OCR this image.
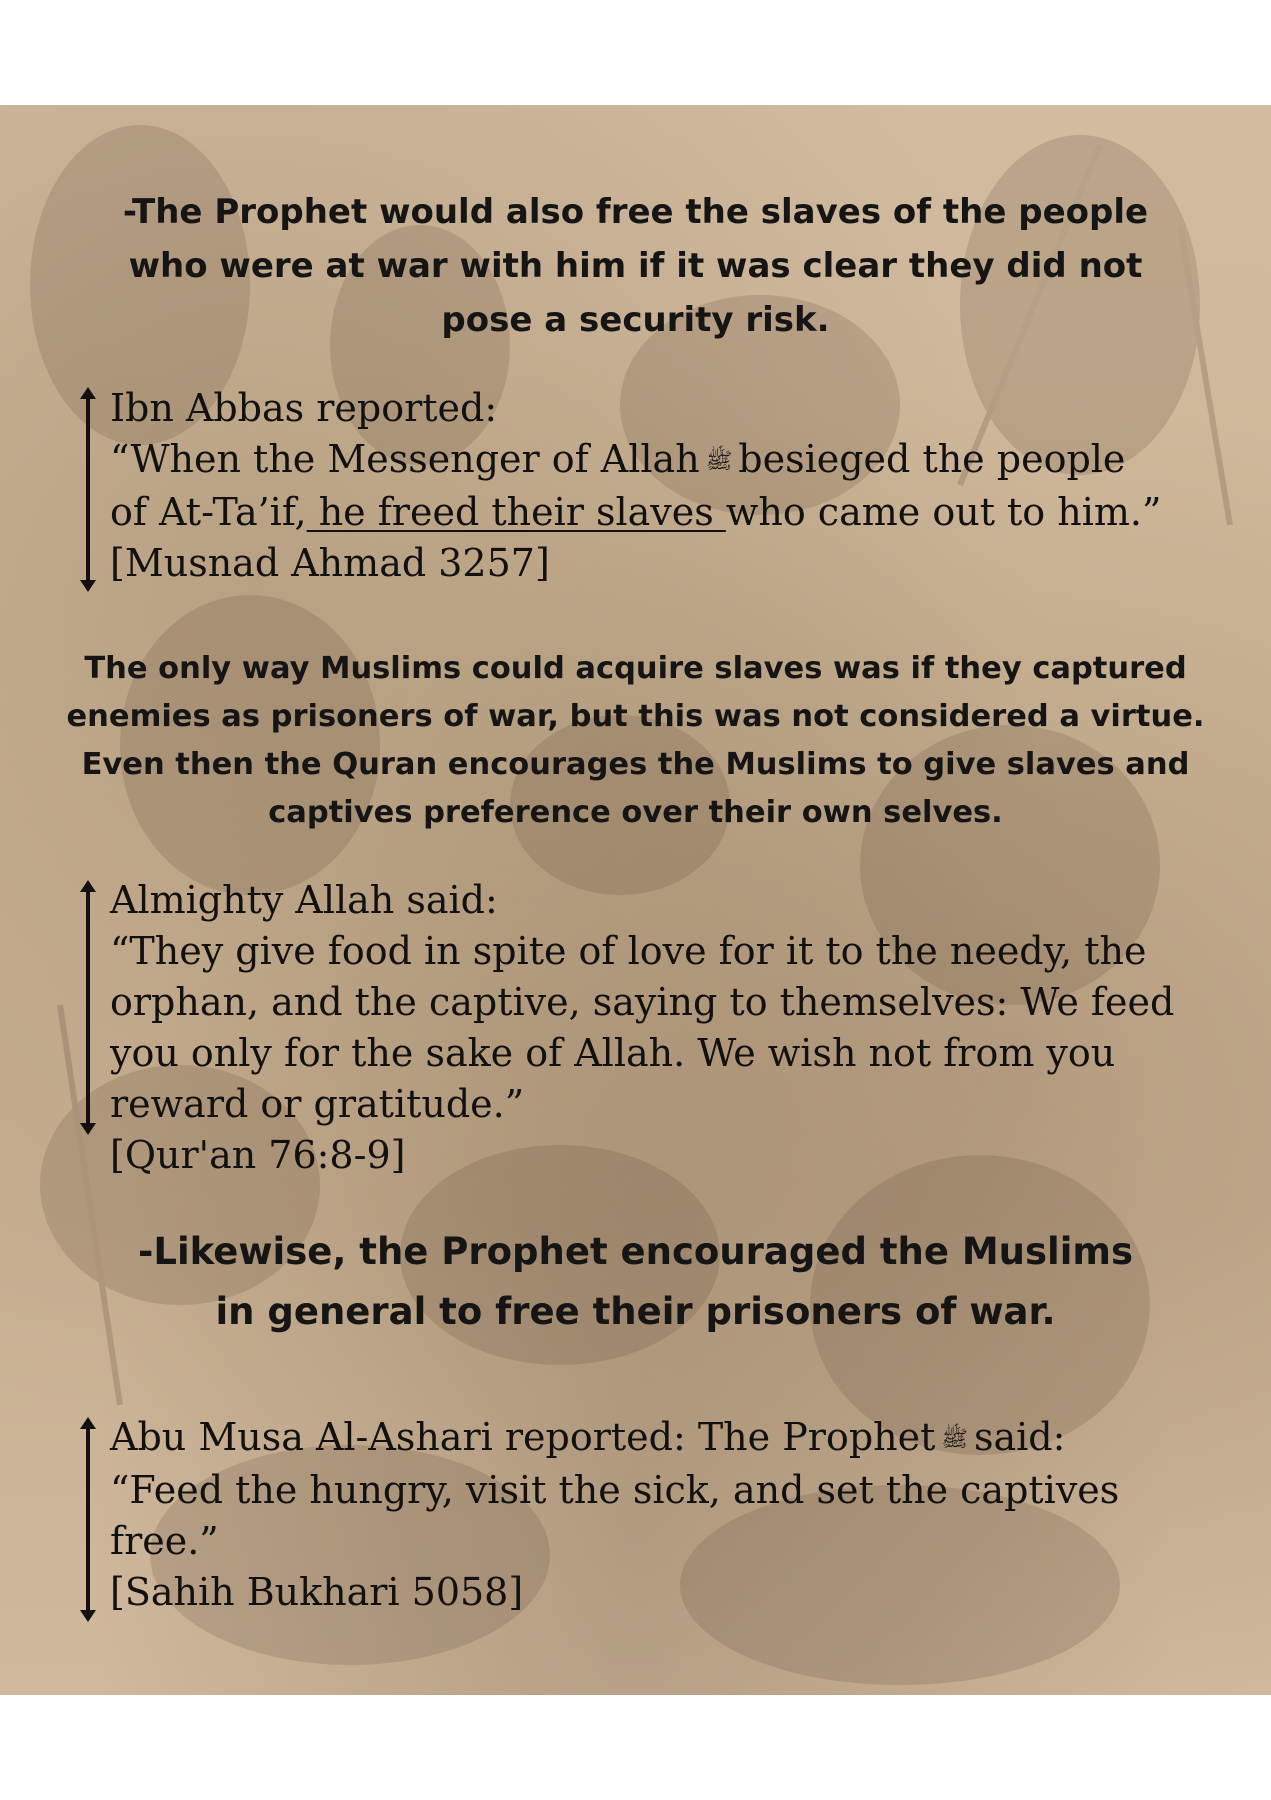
-The Prophet would also free the slaves of the people who were at war with him if it was clear they did not pose a security risk.
Ibn Abbas reported:
“When the Messenger of Allah ﷺ besieged the people
of At-Ta’if, he freed their slaves who came out to him.”
[Musnad Ahmad 3257]
The only way Muslims could acquire slaves was if they captured enemies as prisoners of war, but this was not considered a virtue. Even then the Quran encourages the Muslims to give slaves and captives preference over their own selves.
Almighty Allah said:
“They give food in spite of love for it to the needy, the
orphan, and the captive, saying to themselves: We feed
you only for the sake of Allah. We wish not from you
reward or gratitude.”
[Qur'an 76:8-9]
-Likewise, the Prophet encouraged the Muslims in general to free their prisoners of war.
Abu Musa Al-Ashari reported: The Prophet ﷺ said:
“Feed the hungry, visit the sick, and set the captives
free.”
[Sahih Bukhari 5058]
